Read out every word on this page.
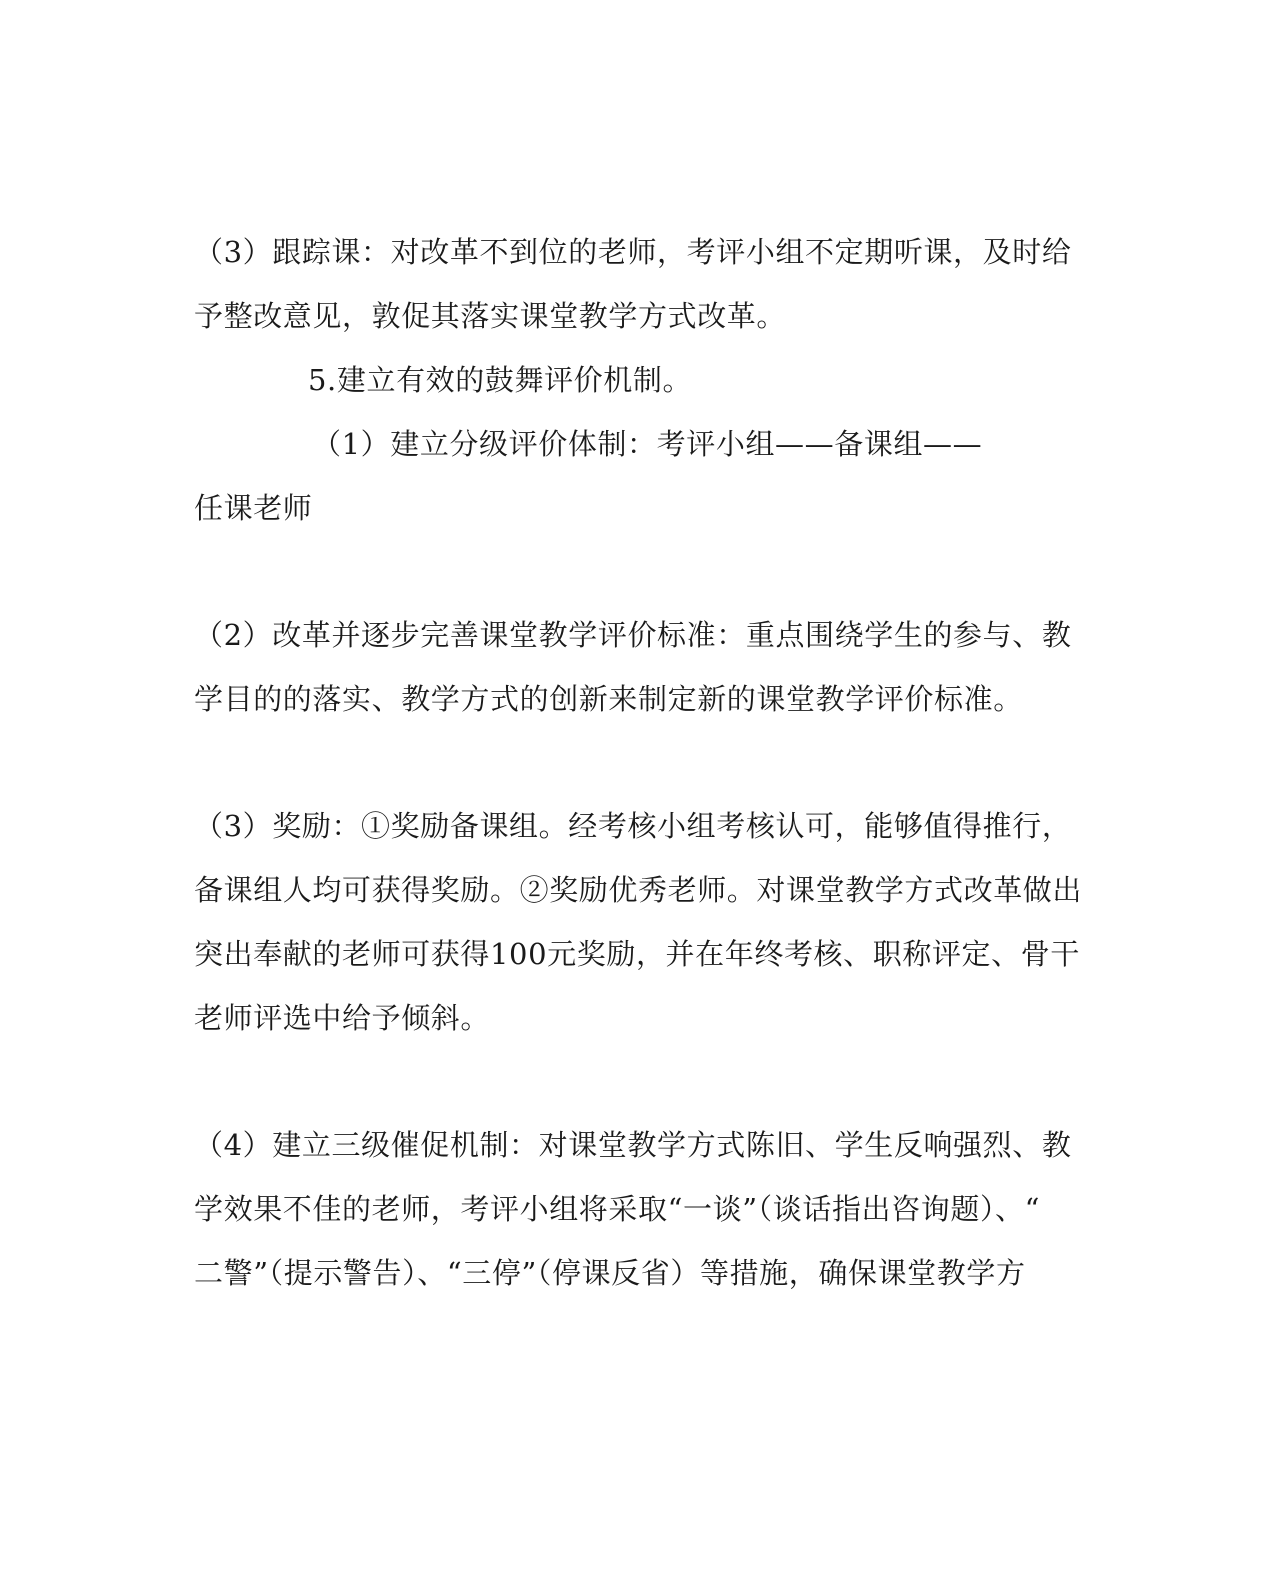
（3）跟踪课：对改革不到位的老师，考评小组不定期听课，及时给
予整改意见，敦促其落实课堂教学方式改革。
5.建立有效的鼓舞评价机制。
（1）建立分级评价体制：考评小组——备课组——
任课老师
（2）改革并逐步完善课堂教学评价标准：重点围绕学生的参与、教
学目的的落实、教学方式的创新来制定新的课堂教学评价标准。
（3）奖励：①奖励备课组。经考核小组考核认可，能够值得推行，
备课组人均可获得奖励。②奖励优秀老师。对课堂教学方式改革做出
突出奉献的老师可获得100元奖励，并在年终考核、职称评定、骨干
老师评选中给予倾斜。
（4）建立三级催促机制：对课堂教学方式陈旧、学生反响强烈、教
学效果不佳的老师，考评小组将采取“一谈”（谈话指出咨询题）、“
二警”（提示警告）、“三停”（停课反省）等措施，确保课堂教学方
